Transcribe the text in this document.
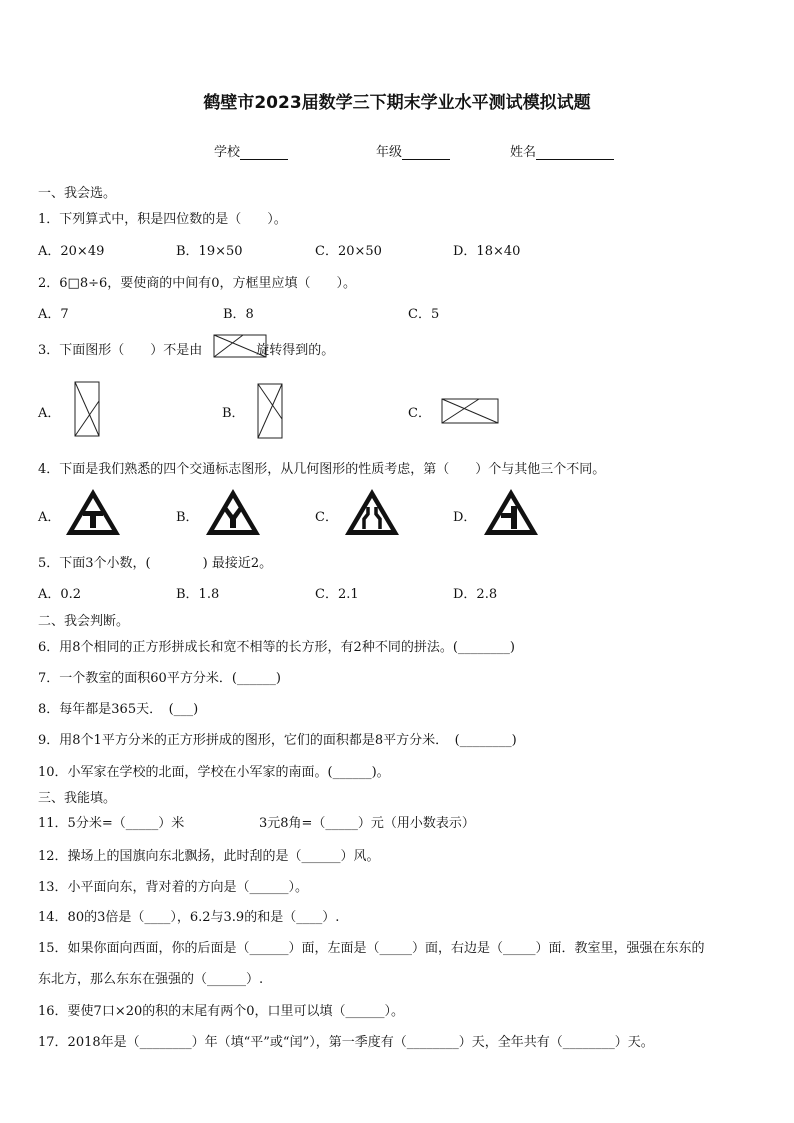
鹤壁市2023届数学三下期末学业水平测试模拟试题
学校	年级	姓名
一、我会选。
1．下列算式中，积是四位数的是（　　）。
A．20×49	B．19×50	C．20×50	D．18×40
2．6□8÷6，要使商的中间有0，方框里应填（　　）。
A．7	B．8	C．5
3．下面图形（　　）不是由	旋转得到的。
A．	B．	C．
4．下面是我们熟悉的四个交通标志图形，从几何图形的性质考虑，第（　　）个与其他三个不同。
A．	B．	C．	D．
5．下面3个小数，(　　　　) 最接近2。
A．0.2	B．1.8	C．2.1	D．2.8
二、我会判断。
6．用8个相同的正方形拼成长和宽不相等的长方形，有2种不同的拼法。(________)
7．一个教室的面积60平方分米．(______)
8．每年都是365天．　(___)
9．用8个1平方分米的正方形拼成的图形，它们的面积都是8平方分米．　(________)
10．小军家在学校的北面，学校在小军家的南面。(______)。
三、我能填。
11．5分米=（_____）米	3元8角=（_____）元（用小数表示）
12．操场上的国旗向东北飘扬，此时刮的是（______）风。
13．小平面向东，背对着的方向是（______）。
14．80的3倍是（____），6.2与3.9的和是（____）.
15．如果你面向西面，你的后面是（______）面，左面是（_____）面，右边是（_____）面．教室里，强强在东东的
东北方，那么东东在强强的（______）.
16．要使7口×20的积的末尾有两个0，口里可以填（______）。
17．2018年是（________）年（填“平”或“闰”），第一季度有（________）天，全年共有（________）天。
